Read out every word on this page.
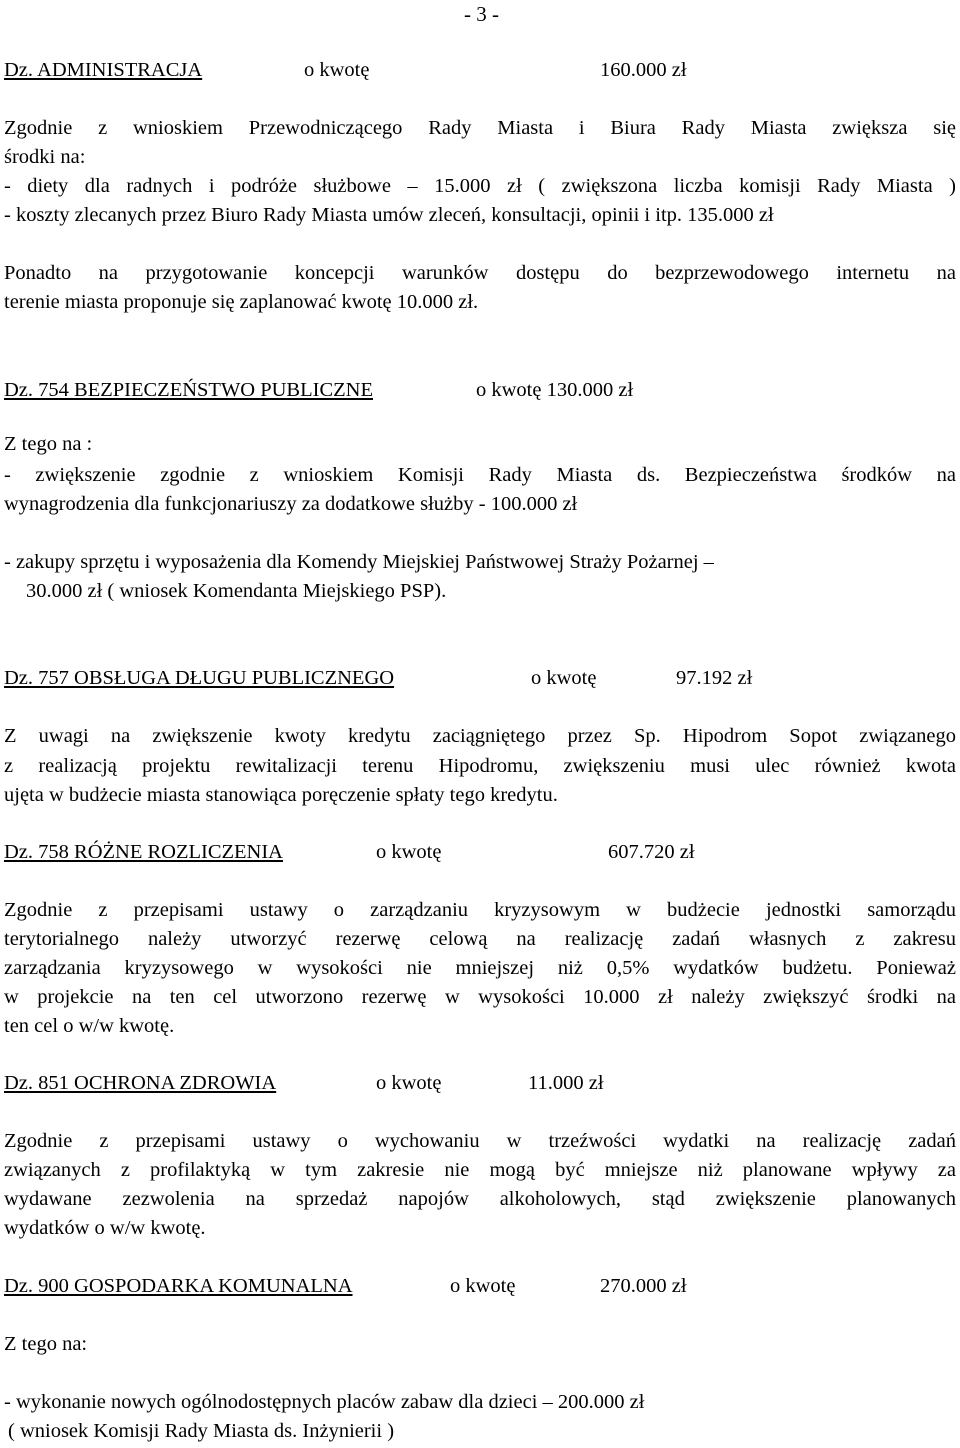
- 3 -
Dz. ADMINISTRACJA	o kwotę	160.000 zł
Zgodnie z wnioskiem Przewodniczącego Rady Miasta i Biura Rady Miasta zwiększa się
środki na:
- diety dla radnych i podróże służbowe – 15.000 zł ( zwiększona liczba komisji Rady Miasta )
- koszty zlecanych przez Biuro Rady Miasta umów zleceń, konsultacji, opinii i itp. 135.000 zł
Ponadto na przygotowanie koncepcji warunków dostępu do bezprzewodowego internetu na
terenie miasta proponuje się zaplanować kwotę 10.000 zł.
Dz. 754 BEZPIECZEŃSTWO PUBLICZNE	o kwotę 130.000 zł
Z tego na :
- zwiększenie zgodnie z wnioskiem Komisji Rady Miasta ds. Bezpieczeństwa środków na
wynagrodzenia dla funkcjonariuszy za dodatkowe służby - 100.000 zł
- zakupy sprzętu i wyposażenia dla Komendy Miejskiej Państwowej Straży Pożarnej –
30.000 zł ( wniosek Komendanta Miejskiego PSP).
Dz. 757 OBSŁUGA DŁUGU PUBLICZNEGO	o kwotę	97.192 zł
Z uwagi na zwiększenie kwoty kredytu zaciągniętego przez Sp. Hipodrom Sopot związanego
z realizacją projektu rewitalizacji terenu Hipodromu, zwiększeniu musi ulec również kwota
ujęta w budżecie miasta stanowiąca poręczenie spłaty tego kredytu.
Dz. 758 RÓŻNE ROZLICZENIA	o kwotę	607.720 zł
Zgodnie z przepisami ustawy o zarządzaniu kryzysowym w budżecie jednostki samorządu
terytorialnego należy utworzyć rezerwę celową na realizację zadań własnych z zakresu
zarządzania kryzysowego w wysokości nie mniejszej niż 0,5% wydatków budżetu. Ponieważ
w projekcie na ten cel utworzono rezerwę w wysokości 10.000 zł należy zwiększyć środki na
ten cel o w/w kwotę.
Dz. 851 OCHRONA ZDROWIA	o kwotę	11.000 zł
Zgodnie z przepisami ustawy o wychowaniu w trzeźwości wydatki na realizację zadań
związanych z profilaktyką w tym zakresie nie mogą być mniejsze niż planowane wpływy za
wydawane zezwolenia na sprzedaż napojów alkoholowych, stąd zwiększenie planowanych
wydatków o w/w kwotę.
Dz. 900 GOSPODARKA KOMUNALNA	o kwotę	270.000 zł
Z tego na:
- wykonanie nowych ogólnodostępnych placów zabaw dla dzieci – 200.000 zł
( wniosek Komisji Rady Miasta ds. Inżynierii )
